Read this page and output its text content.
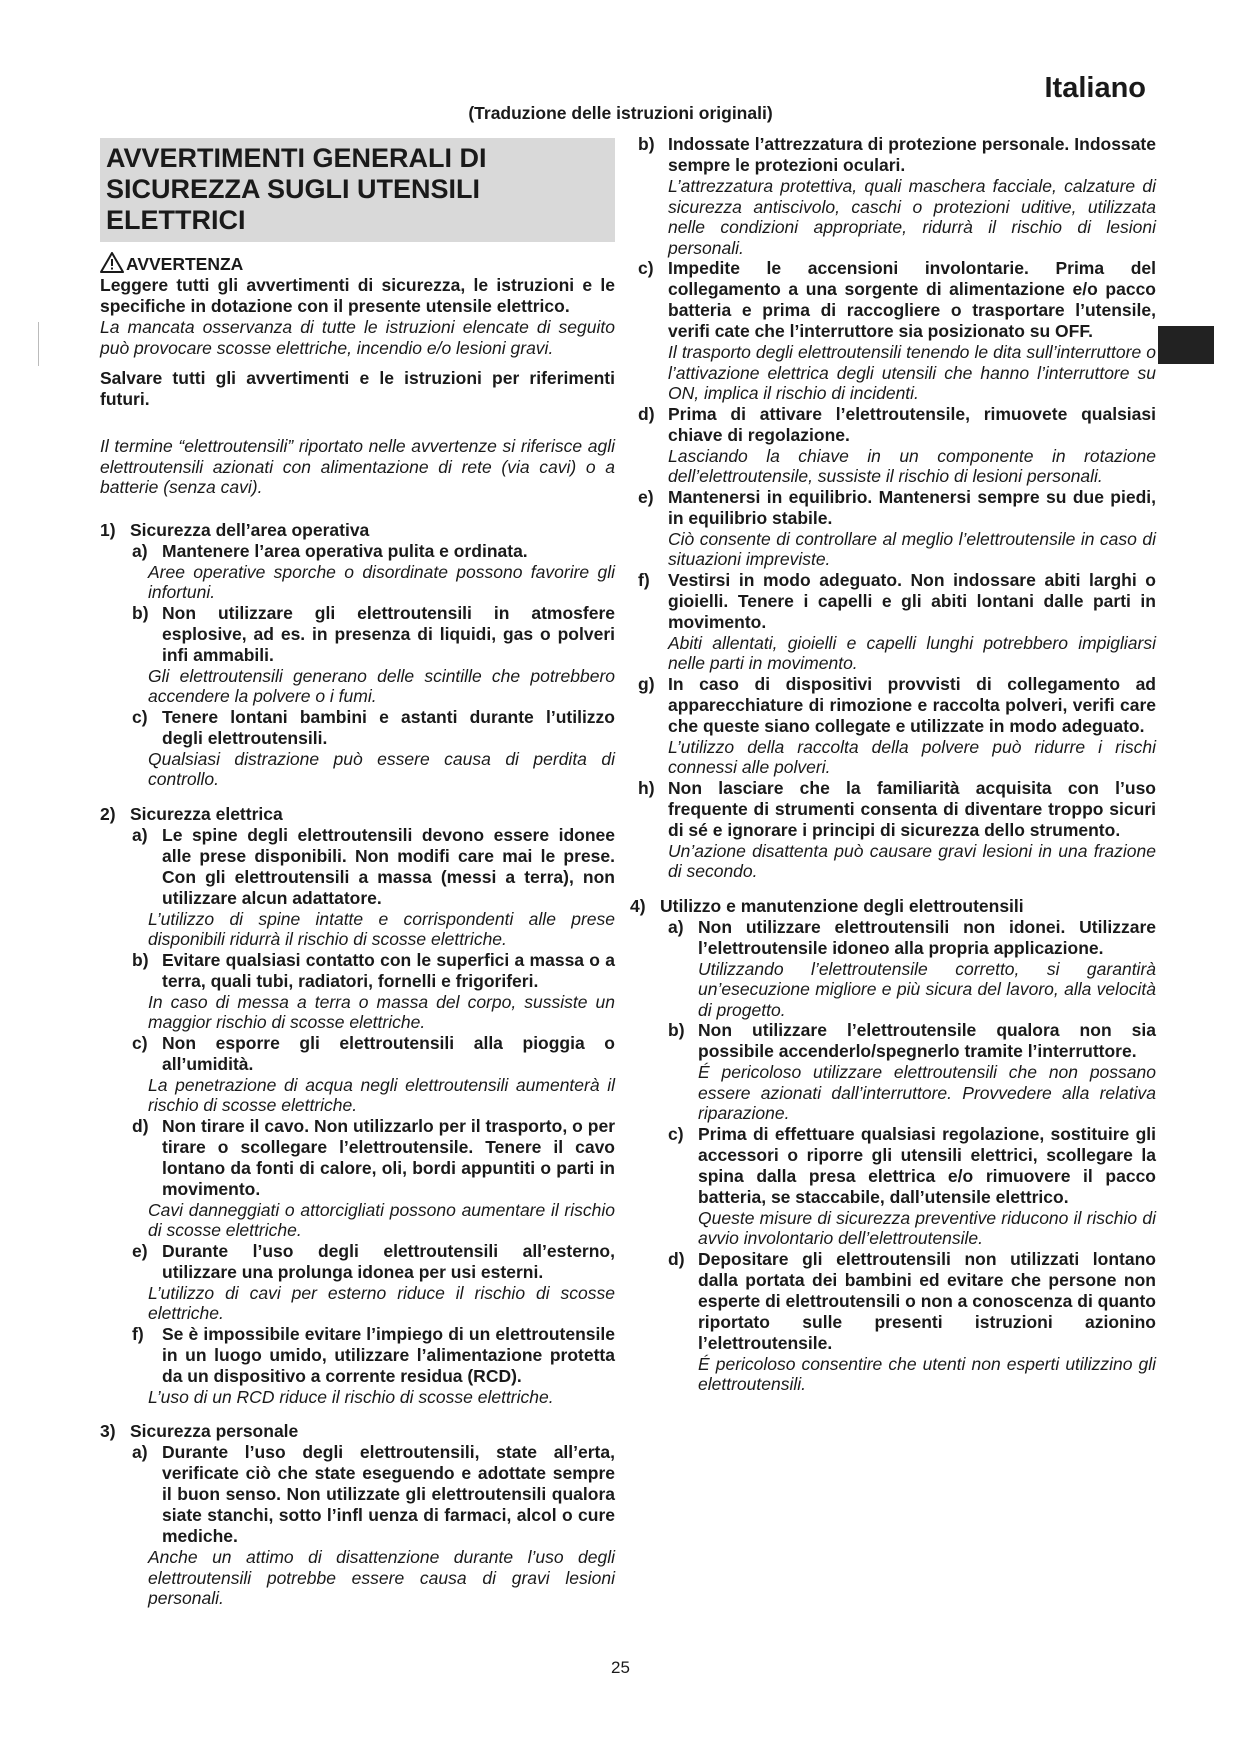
Italiano
(Traduzione delle istruzioni originali)
AVVERTIMENTI GENERALI DI SICUREZZA SUGLI UTENSILI ELETTRICI
AVVERTENZA
Leggere tutti gli avvertimenti di sicurezza, le istruzioni e le specifiche in dotazione con il presente utensile elettrico.
La mancata osservanza di tutte le istruzioni elencate di seguito può provocare scosse elettriche, incendio e/o lesioni gravi.
Salvare tutti gli avvertimenti e le istruzioni per riferimenti futuri.
Il termine “elettroutensili” riportato nelle avvertenze si riferisce agli elettroutensili azionati con alimentazione di rete (via cavi) o a batterie (senza cavi).
1) Sicurezza dell’area operativa
a) Mantenere l’area operativa pulita e ordinata.
Aree operative sporche o disordinate possono favorire gli infortuni.
b) Non utilizzare gli elettroutensili in atmosfere esplosive, ad es. in presenza di liquidi, gas o polveri infi ammabili.
Gli elettroutensili generano delle scintille che potrebbero accendere la polvere o i fumi.
c) Tenere lontani bambini e astanti durante l’utilizzo degli elettroutensili.
Qualsiasi distrazione può essere causa di perdita di controllo.
2) Sicurezza elettrica
a) Le spine degli elettroutensili devono essere idonee alle prese disponibili. Non modifi care mai le prese. Con gli elettroutensili a massa (messi a terra), non utilizzare alcun adattatore.
L’utilizzo di spine intatte e corrispondenti alle prese disponibili ridurrà il rischio di scosse elettriche.
b) Evitare qualsiasi contatto con le superfici a massa o a terra, quali tubi, radiatori, fornelli e frigoriferi.
In caso di messa a terra o massa del corpo, sussiste un maggior rischio di scosse elettriche.
c) Non esporre gli elettroutensili alla pioggia o all’umidità.
La penetrazione di acqua negli elettroutensili aumenterà il rischio di scosse elettriche.
d) Non tirare il cavo. Non utilizzarlo per il trasporto, o per tirare o scollegare l’elettroutensile. Tenere il cavo lontano da fonti di calore, oli, bordi appuntiti o parti in movimento.
Cavi danneggiati o attorcigliati possono aumentare il rischio di scosse elettriche.
e) Durante l’uso degli elettroutensili all’esterno, utilizzare una prolunga idonea per usi esterni.
L’utilizzo di cavi per esterno riduce il rischio di scosse elettriche.
f) Se è impossibile evitare l’impiego di un elettroutensile in un luogo umido, utilizzare l’alimentazione protetta da un dispositivo a corrente residua (RCD).
L’uso di un RCD riduce il rischio di scosse elettriche.
3) Sicurezza personale
a) Durante l’uso degli elettroutensili, state all’erta, verificate ciò che state eseguendo e adottate sempre il buon senso. Non utilizzate gli elettroutensili qualora siate stanchi, sotto l’infl uenza di farmaci, alcol o cure mediche.
Anche un attimo di disattenzione durante l’uso degli elettroutensili potrebbe essere causa di gravi lesioni personali.
b) Indossate l’attrezzatura di protezione personale. Indossate sempre le protezioni oculari.
L’attrezzatura protettiva, quali maschera facciale, calzature di sicurezza antiscivolo, caschi o protezioni uditive, utilizzata nelle condizioni appropriate, ridurrà il rischio di lesioni personali.
c) Impedite le accensioni involontarie. Prima del collegamento a una sorgente di alimentazione e/o pacco batteria e prima di raccogliere o trasportare l’utensile, verifi cate che l’interruttore sia posizionato su OFF.
Il trasporto degli elettroutensili tenendo le dita sull’interruttore o l’attivazione elettrica degli utensili che hanno l’interruttore su ON, implica il rischio di incidenti.
d) Prima di attivare l’elettroutensile, rimuovete qualsiasi chiave di regolazione.
Lasciando la chiave in un componente in rotazione dell’elettroutensile, sussiste il rischio di lesioni personali.
e) Mantenersi in equilibrio. Mantenersi sempre su due piedi, in equilibrio stabile.
Ciò consente di controllare al meglio l’elettroutensile in caso di situazioni impreviste.
f) Vestirsi in modo adeguato. Non indossare abiti larghi o gioielli. Tenere i capelli e gli abiti lontani dalle parti in movimento.
Abiti allentati, gioielli e capelli lunghi potrebbero impigliarsi nelle parti in movimento.
g) In caso di dispositivi provvisti di collegamento ad apparecchiature di rimozione e raccolta polveri, verifi care che queste siano collegate e utilizzate in modo adeguato.
L’utilizzo della raccolta della polvere può ridurre i rischi connessi alle polveri.
h) Non lasciare che la familiarità acquisita con l’uso frequente di strumenti consenta di diventare troppo sicuri di sé e ignorare i principi di sicurezza dello strumento.
Un’azione disattenta può causare gravi lesioni in una frazione di secondo.
4) Utilizzo e manutenzione degli elettroutensili
a) Non utilizzare elettroutensili non idonei. Utilizzare l’elettroutensile idoneo alla propria applicazione.
Utilizzando l’elettroutensile corretto, si garantirà un’esecuzione migliore e più sicura del lavoro, alla velocità di progetto.
b) Non utilizzare l’elettroutensile qualora non sia possibile accenderlo/spegnerlo tramite l’interruttore.
É pericoloso utilizzare elettroutensili che non possano essere azionati dall’interruttore. Provvedere alla relativa riparazione.
c) Prima di effettuare qualsiasi regolazione, sostituire gli accessori o riporre gli utensili elettrici, scollegare la spina dalla presa elettrica e/o rimuovere il pacco batteria, se staccabile, dall’utensile elettrico.
Queste misure di sicurezza preventive riducono il rischio di avvio involontario dell’elettroutensile.
d) Depositare gli elettroutensili non utilizzati lontano dalla portata dei bambini ed evitare che persone non esperte di elettroutensili o non a conoscenza di quanto riportato sulle presenti istruzioni azionino l’elettroutensile.
É pericoloso consentire che utenti non esperti utilizzino gli elettroutensili.
25
